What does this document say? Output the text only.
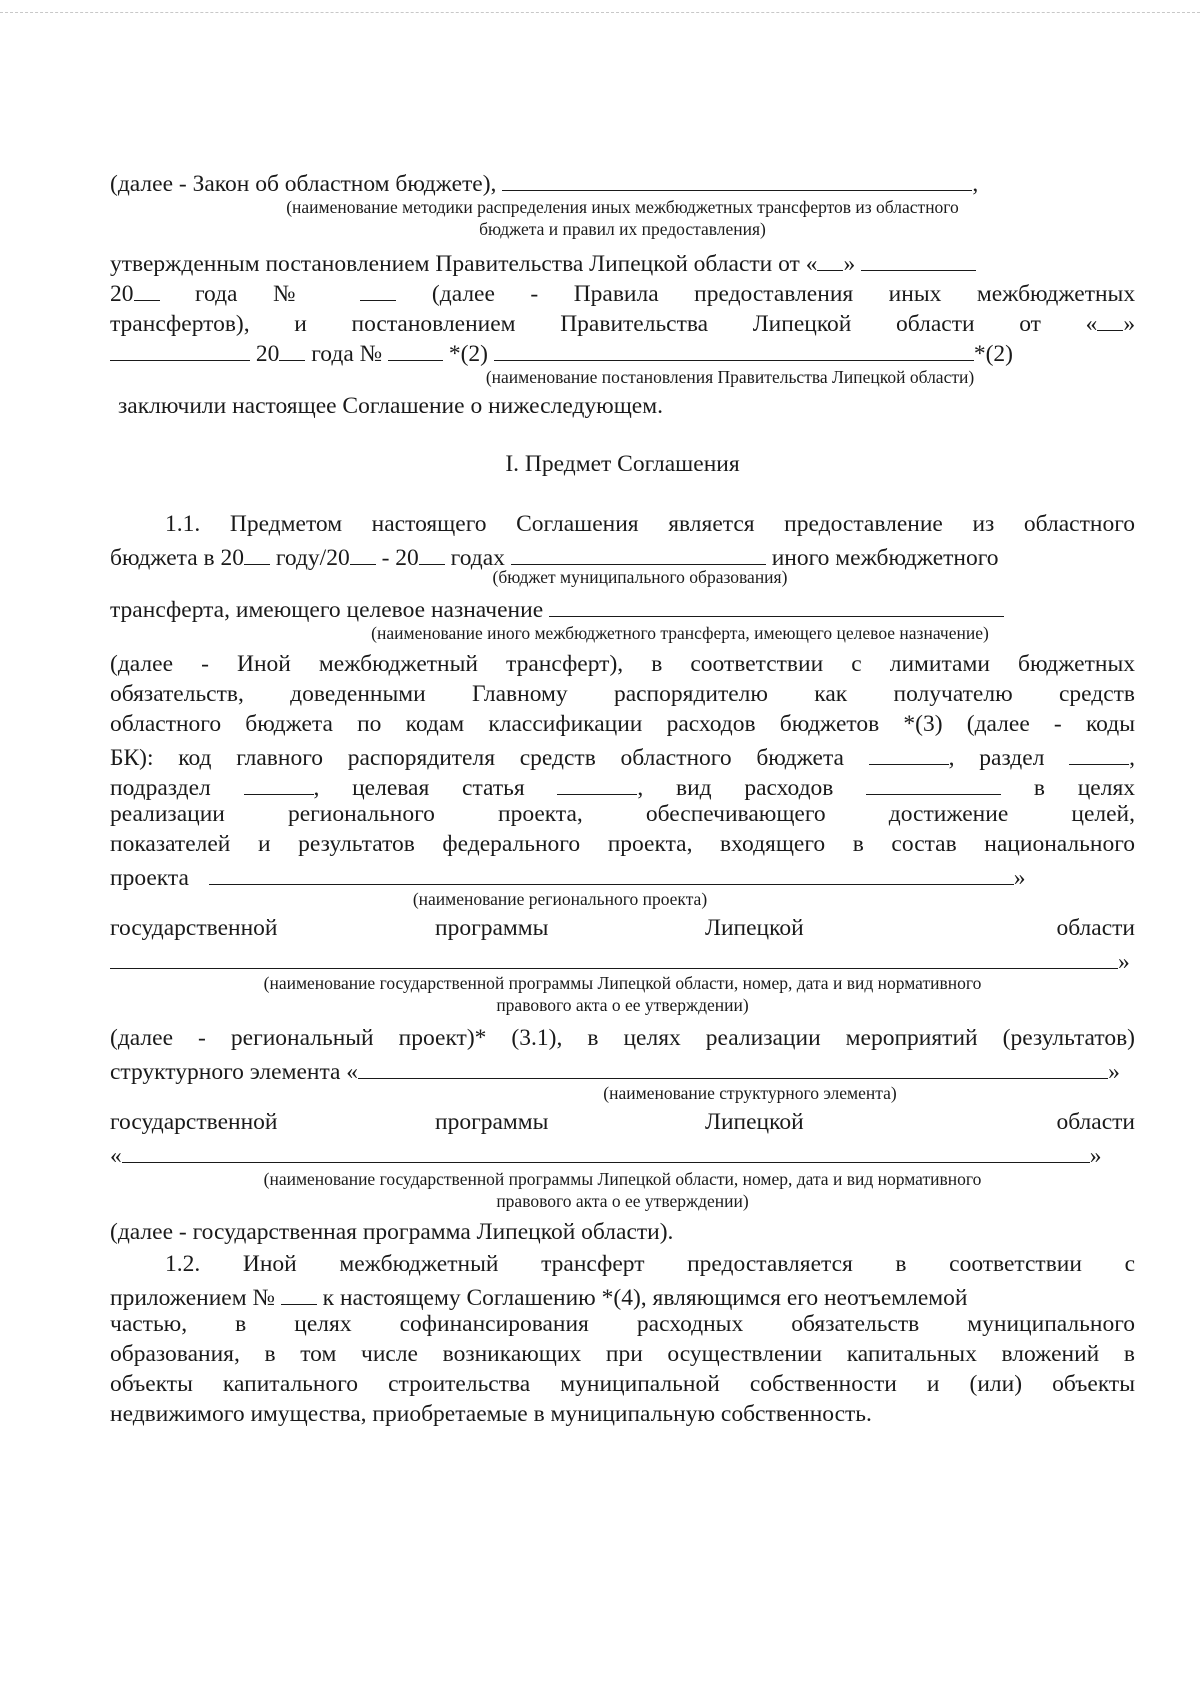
(далее - Закон об областном бюджете),	,
(наименование методики распределения иных межбюджетных трансфертов из областного
бюджета и правил их предоставления)
утвержденным постановлением Правительства Липецкой области от « »
20	года №	(далее - Правила предоставления иных межбюджетных
трансфертов), и постановлением Правительства Липецкой области от « »
20 года №	*(2)	*(2)
(наименование постановления Правительства Липецкой области)
заключили настоящее Соглашение о нижеследующем.
I. Предмет Соглашения
1.1. Предметом настоящего Соглашения является предоставление из областного
бюджета в 20 году/20 - 20 годах	иного межбюджетного
(бюджет муниципального образования)
трансферта, имеющего целевое назначение
(наименование иного межбюджетного трансферта, имеющего целевое назначение)
(далее - Иной межбюджетный трансферт), в соответствии с лимитами бюджетных
обязательств, доведенными Главному распорядителю как получателю средств
областного бюджета по кодам классификации расходов бюджетов *(3) (далее - коды
БК): код главного распорядителя средств областного бюджета	, раздел	,
подраздел	, целевая статья	, вид расходов	в целях
реализации регионального проекта, обеспечивающего достижение целей,
показателей и результатов федерального проекта, входящего в состав национального
проекта	»
(наименование регионального проекта)
государственной	программы	Липецкой	области
»
(наименование государственной программы Липецкой области, номер, дата и вид нормативного
правового акта о ее утверждении)
(далее - региональный проект)* (3.1), в целях реализации мероприятий (результатов)
структурного элемента «	»
(наименование структурного элемента)
государственной	программы	Липецкой	области
«	»
(наименование государственной программы Липецкой области, номер, дата и вид нормативного
правового акта о ее утверждении)
(далее - государственная программа Липецкой области).
1.2. Иной межбюджетный трансферт предоставляется в соответствии с
приложением № к настоящему Соглашению *(4), являющимся его неотъемлемой
частью, в целях софинансирования расходных обязательств муниципального
образования, в том числе возникающих при осуществлении капитальных вложений в
объекты капитального строительства муниципальной собственности и (или) объекты
недвижимого имущества, приобретаемые в муниципальную собственность.
